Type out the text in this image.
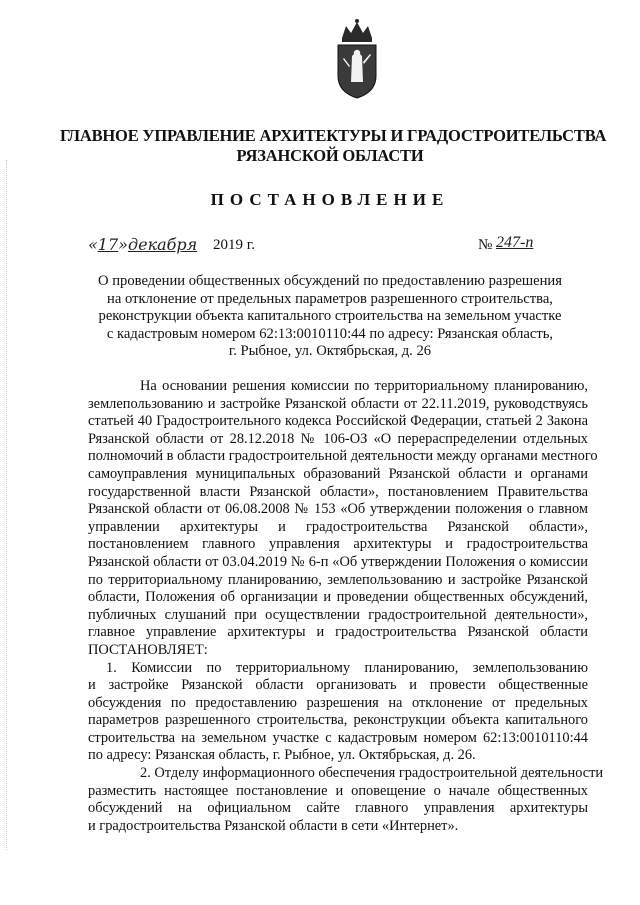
ГЛАВНОЕ УПРАВЛЕНИЕ АРХИТЕКТУРЫ И ГРАДОСТРОИТЕЛЬСТВА
РЯЗАНСКОЙ ОБЛАСТИ
ПОСТАНОВЛЕНИЕ
«17»декабря 2019 г.	№ 247-п
О проведении общественных обсуждений по предоставлению разрешения
на отклонение от предельных параметров разрешенного строительства,
реконструкции объекта капитального строительства на земельном участке
с кадастровым номером 62:13:0010110:44 по адресу: Рязанская область,
г. Рыбное, ул. Октябрьская, д. 26
На основании решения комиссии по территориальному планированию,
землепользованию и застройке Рязанской области от 22.11.2019, руководствуясь
статьей 40 Градостроительного кодекса Российской Федерации, статьей 2 Закона
Рязанской области от 28.12.2018 № 106-ОЗ «О перераспределении отдельных
полномочий в области градостроительной деятельности между органами местного
самоуправления муниципальных образований Рязанской области и органами
государственной власти Рязанской области», постановлением Правительства
Рязанской области от 06.08.2008 № 153 «Об утверждении положения о главном
управлении архитектуры и градостроительства Рязанской области»,
постановлением главного управления архитектуры и градостроительства
Рязанской области от 03.04.2019 № 6-п «Об утверждении Положения о комиссии
по территориальному планированию, землепользованию и застройке Рязанской
области, Положения об организации и проведении общественных обсуждений,
публичных слушаний при осуществлении градостроительной деятельности»,
главное управление архитектуры и градостроительства Рязанской области
ПОСТАНОВЛЯЕТ:
1. Комиссии по территориальному планированию, землепользованию
и застройке Рязанской области организовать и провести общественные
обсуждения по предоставлению разрешения на отклонение от предельных
параметров разрешенного строительства, реконструкции объекта капитального
строительства на земельном участке с кадастровым номером 62:13:0010110:44
по адресу: Рязанская область, г. Рыбное, ул. Октябрьская, д. 26.
2. Отделу информационного обеспечения градостроительной деятельности
разместить настоящее постановление и оповещение о начале общественных
обсуждений на официальном сайте главного управления архитектуры
и градостроительства Рязанской области в сети «Интернет».
